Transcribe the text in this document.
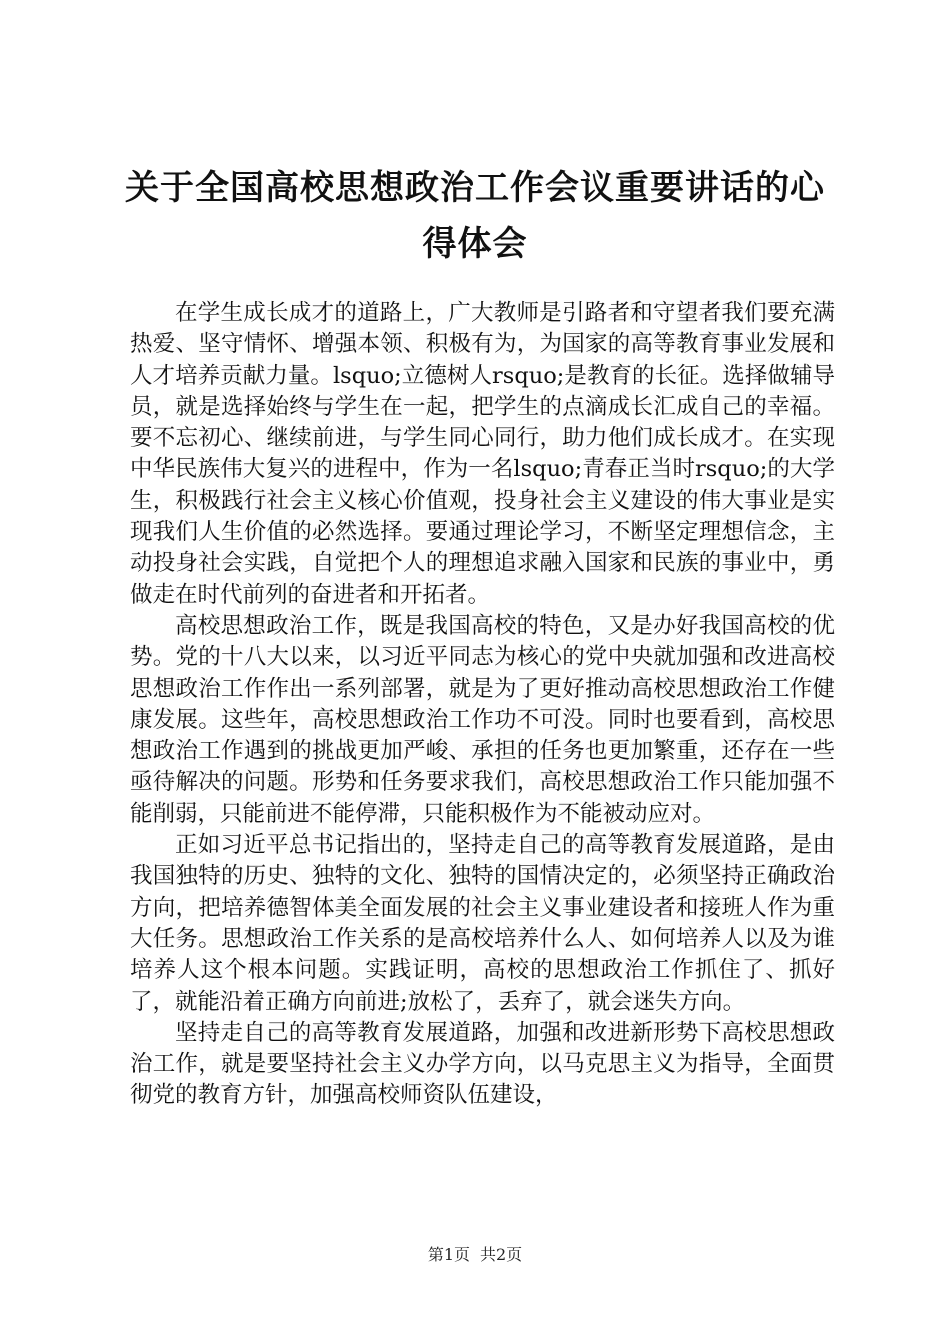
关于全国高校思想政治工作会议重要讲话的心得体会

在学生成长成才的道路上，广大教师是引路者和守望者我们要充满热爱、坚守情怀、增强本领、积极有为，为国家的高等教育事业发展和人才培养贡献力量。lsquo;立德树人rsquo;是教育的长征。选择做辅导员，就是选择始终与学生在一起，把学生的点滴成长汇成自己的幸福。要不忘初心、继续前进，与学生同心同行，助力他们成长成才。在实现中华民族伟大复兴的进程中，作为一名lsquo;青春正当时rsquo;的大学生，积极践行社会主义核心价值观，投身社会主义建设的伟大事业是实现我们人生价值的必然选择。要通过理论学习，不断坚定理想信念，主动投身社会实践，自觉把个人的理想追求融入国家和民族的事业中，勇做走在时代前列的奋进者和开拓者。

高校思想政治工作，既是我国高校的特色，又是办好我国高校的优势。党的十八大以来，以习近平同志为核心的党中央就加强和改进高校思想政治工作作出一系列部署，就是为了更好推动高校思想政治工作健康发展。这些年，高校思想政治工作功不可没。同时也要看到，高校思想政治工作遇到的挑战更加严峻、承担的任务也更加繁重，还存在一些亟待解决的问题。形势和任务要求我们，高校思想政治工作只能加强不能削弱，只能前进不能停滞，只能积极作为不能被动应对。

正如习近平总书记指出的，坚持走自己的高等教育发展道路，是由我国独特的历史、独特的文化、独特的国情决定的，必须坚持正确政治方向，把培养德智体美全面发展的社会主义事业建设者和接班人作为重大任务。思想政治工作关系的是高校培养什么人、如何培养人以及为谁培养人这个根本问题。实践证明，高校的思想政治工作抓住了、抓好了，就能沿着正确方向前进;放松了，丢弃了，就会迷失方向。

坚持走自己的高等教育发展道路，加强和改进新形势下高校思想政治工作，就是要坚持社会主义办学方向，以马克思主义为指导，全面贯彻党的教育方针，加强高校师资队伍建设，

第1页 共2页
